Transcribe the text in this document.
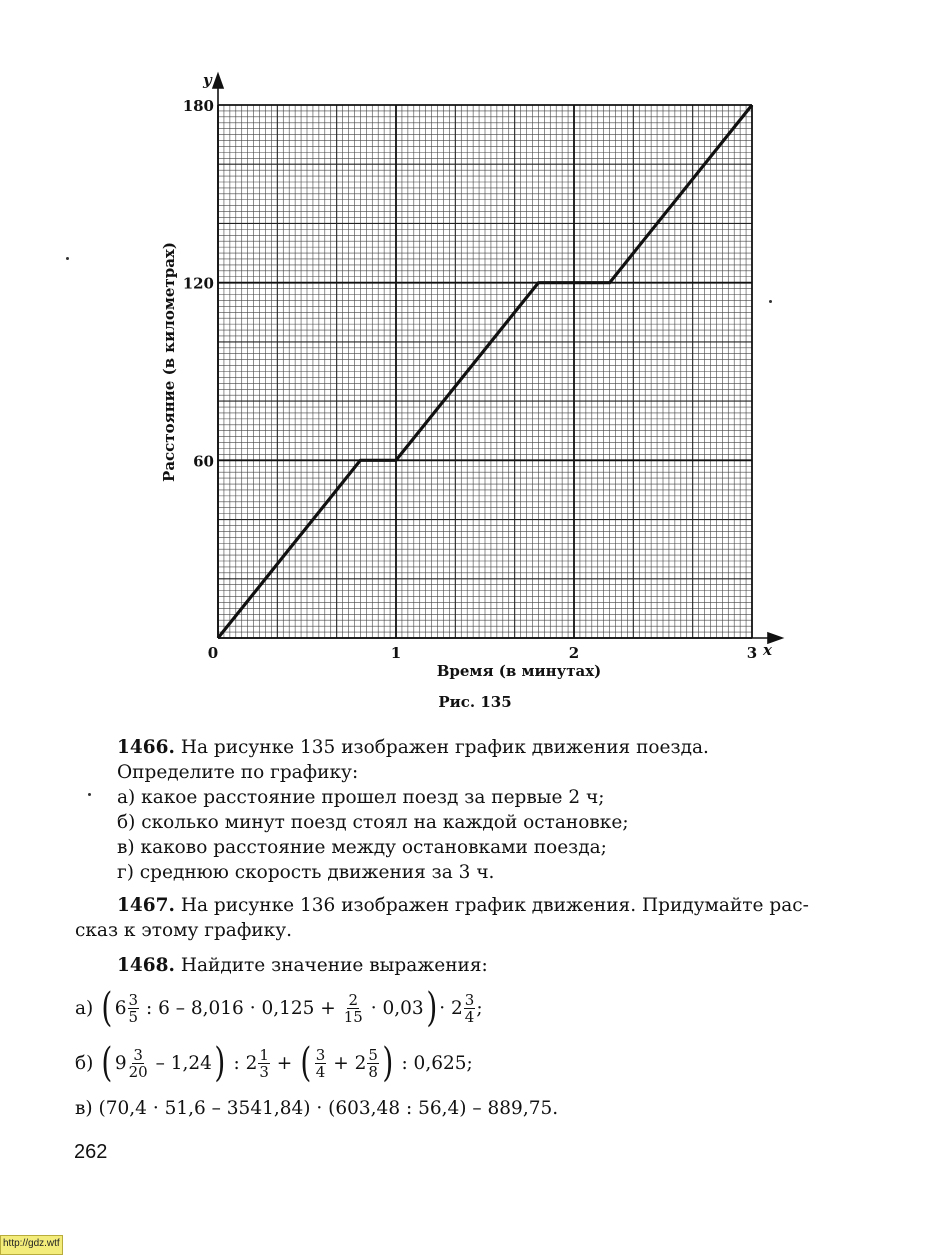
0	1	2	3
60
120
180
x
y
Время (в минутах)
Расстояние (в километрах)
Рис. 135
1466. На рисунке 135 изображен график движения поезда.
Определите по графику:
а) какое расстояние прошел поезд за первые 2 ч;
б) сколько минут поезд стоял на каждой остановке;
в) каково расстояние между остановками поезда;
г) среднюю скорость движения за 3 ч.
1467. На рисунке 136 изображен график движения. Придумайте рас-
сказ к этому графику.
1468. Найдите значение выражения:
а)
( $6 \frac{3}{5}$
: 6 – 8,016 · 0,125 +
$\frac{2}{15}$
· 0,03 ) · $2 \frac{3}{4}$ ;
б)
( $9 \frac{3}{20}$
– 1,24 )
: $2 \frac{1}{3}$
+
( $\frac{3}{4}$
+ $2 \frac{5}{8}$ )
: 0,625;
в)
(70,4 · 51,6 – 3541,84) · (603,48 : 56,4) – 889,75.
262
http://gdz.wtf
